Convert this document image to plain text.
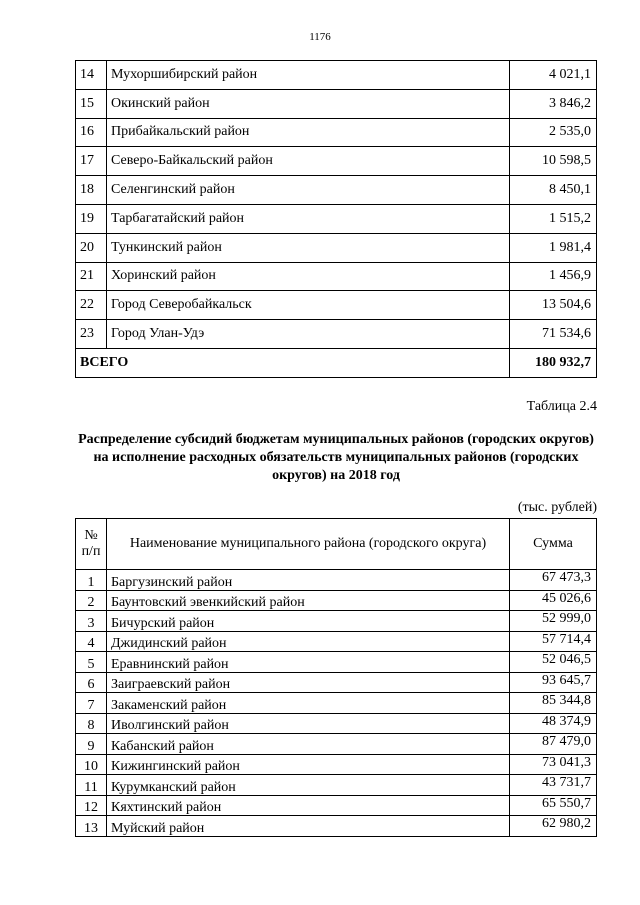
1176
14	Мухоршибирский район	4 021,1
15	Окинский район	3 846,2
16	Прибайкальский район	2 535,0
17	Северо-Байкальский район	10 598,5
18	Селенгинский район	8 450,1
19	Тарбагатайский район	1 515,2
20	Тункинский район	1 981,4
21	Хоринский район	1 456,9
22	Город Северобайкальск	13 504,6
23	Город Улан-Удэ	71 534,6
ВСЕГО		180 932,7
Таблица 2.4
Распределение субсидий бюджетам муниципальных районов (городских округов) на исполнение расходных обязательств муниципальных районов (городских округов) на 2018 год
(тыс. рублей)
№
п/п	Наименование муниципального района (городского округа)	Сумма
1	Баргузинский район	67 473,3
2	Баунтовский эвенкийский район	45 026,6
3	Бичурский район	52 999,0
4	Джидинский район	57 714,4
5	Еравнинский район	52 046,5
6	Заиграевский район	93 645,7
7	Закаменский район	85 344,8
8	Иволгинский район	48 374,9
9	Кабанский район	87 479,0
10	Кижингинский район	73 041,3
11	Курумканский район	43 731,7
12	Кяхтинский район	65 550,7
13	Муйский район	62 980,2
